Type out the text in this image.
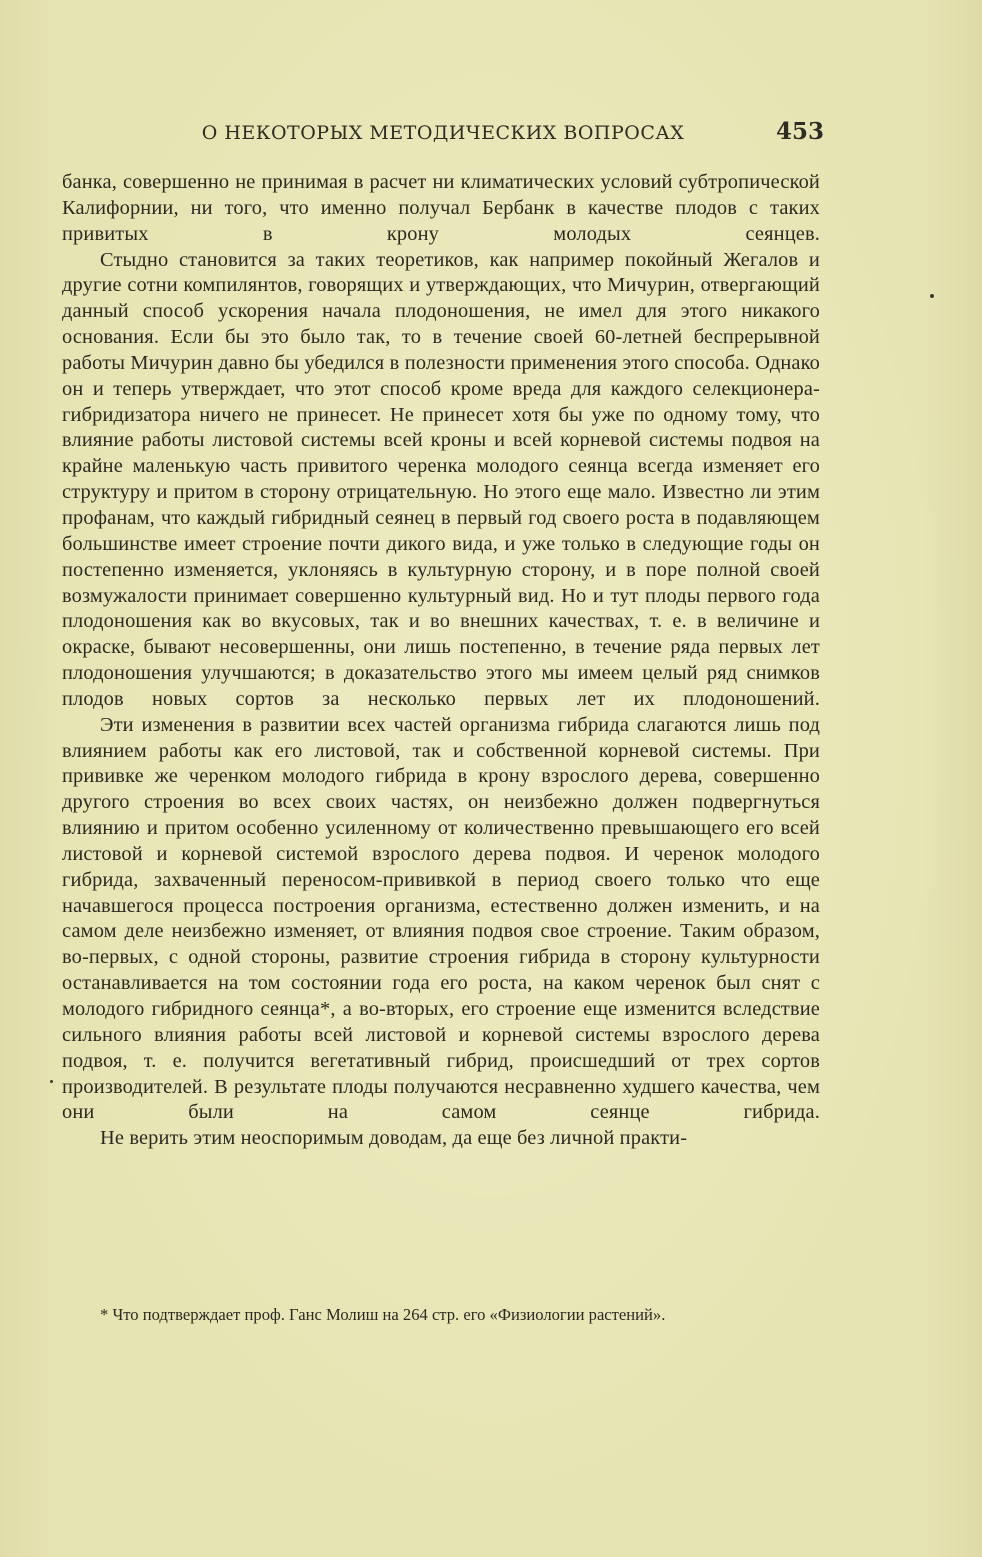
О НЕКОТОРЫХ МЕТОДИЧЕСКИХ ВОПРОСАХ	453

банка, совершенно не принимая в расчет ни климатических условий субтропической Калифорнии, ни того, что именно получал Бербанк в качестве плодов с таких привитых в крону молодых сеянцев.

Стыдно становится за таких теоретиков, как например покойный Жегалов и другие сотни компилянтов, говорящих и утверждающих, что Мичурин, отвергающий данный способ ускорения начала плодоношения, не имел для этого никакого основания. Если бы это было так, то в течение своей 60-летней беспрерывной работы Мичурин давно бы убедился в полезности применения этого способа. Однако он и теперь утверждает, что этот способ кроме вреда для каждого селекционера-гибридизатора ничего не принесет. Не принесет хотя бы уже по одному тому, что влияние работы листовой системы всей кроны и всей корневой системы подвоя на крайне маленькую часть привитого черенка молодого сеянца всегда изменяет его структуру и притом в сторону отрицательную. Но этого еще мало. Известно ли этим профанам, что каждый гибридный сеянец в первый год своего роста в подавляющем большинстве имеет строение почти дикого вида, и уже только в следующие годы он постепенно изменяется, уклоняясь в культурную сторону, и в поре полной своей возмужалости принимает совершенно культурный вид. Но и тут плоды первого года плодоношения как во вкусовых, так и во внешних качествах, т. е. в величине и окраске, бывают несовершенны, они лишь постепенно, в течение ряда первых лет плодоношения улучшаются; в доказательство этого мы имеем целый ряд снимков плодов новых сортов за несколько первых лет их плодоношений.

Эти изменения в развитии всех частей организма гибрида слагаются лишь под влиянием работы как его листовой, так и собственной корневой системы. При прививке же черенком молодого гибрида в крону взрослого дерева, совершенно другого строения во всех своих частях, он неизбежно должен подвергнуться влиянию и притом особенно усиленному от количественно превышающего его всей листовой и корневой системой взрослого дерева подвоя. И черенок молодого гибрида, захваченный переносом-прививкой в период своего только что еще начавшегося процесса построения организма, естественно должен изменить, и на самом деле неизбежно изменяет, от влияния подвоя свое строение. Таким образом, во-первых, с одной стороны, развитие строения гибрида в сторону культурности останавливается на том состоянии года его роста, на каком черенок был снят с молодого гибридного сеянца*, а во-вторых, его строение еще изменится вследствие сильного влияния работы всей листовой и корневой системы взрослого дерева подвоя, т. е. получится вегетативный гибрид, происшедший от трех сортов производителей. В результате плоды получаются несравненно худшего качества, чем они были на самом сеянце гибрида.

Не верить этим неоспоримым доводам, да еще без личной практи-

* Что подтверждает проф. Ганс Молиш на 264 стр. его «Физиологии растений».
